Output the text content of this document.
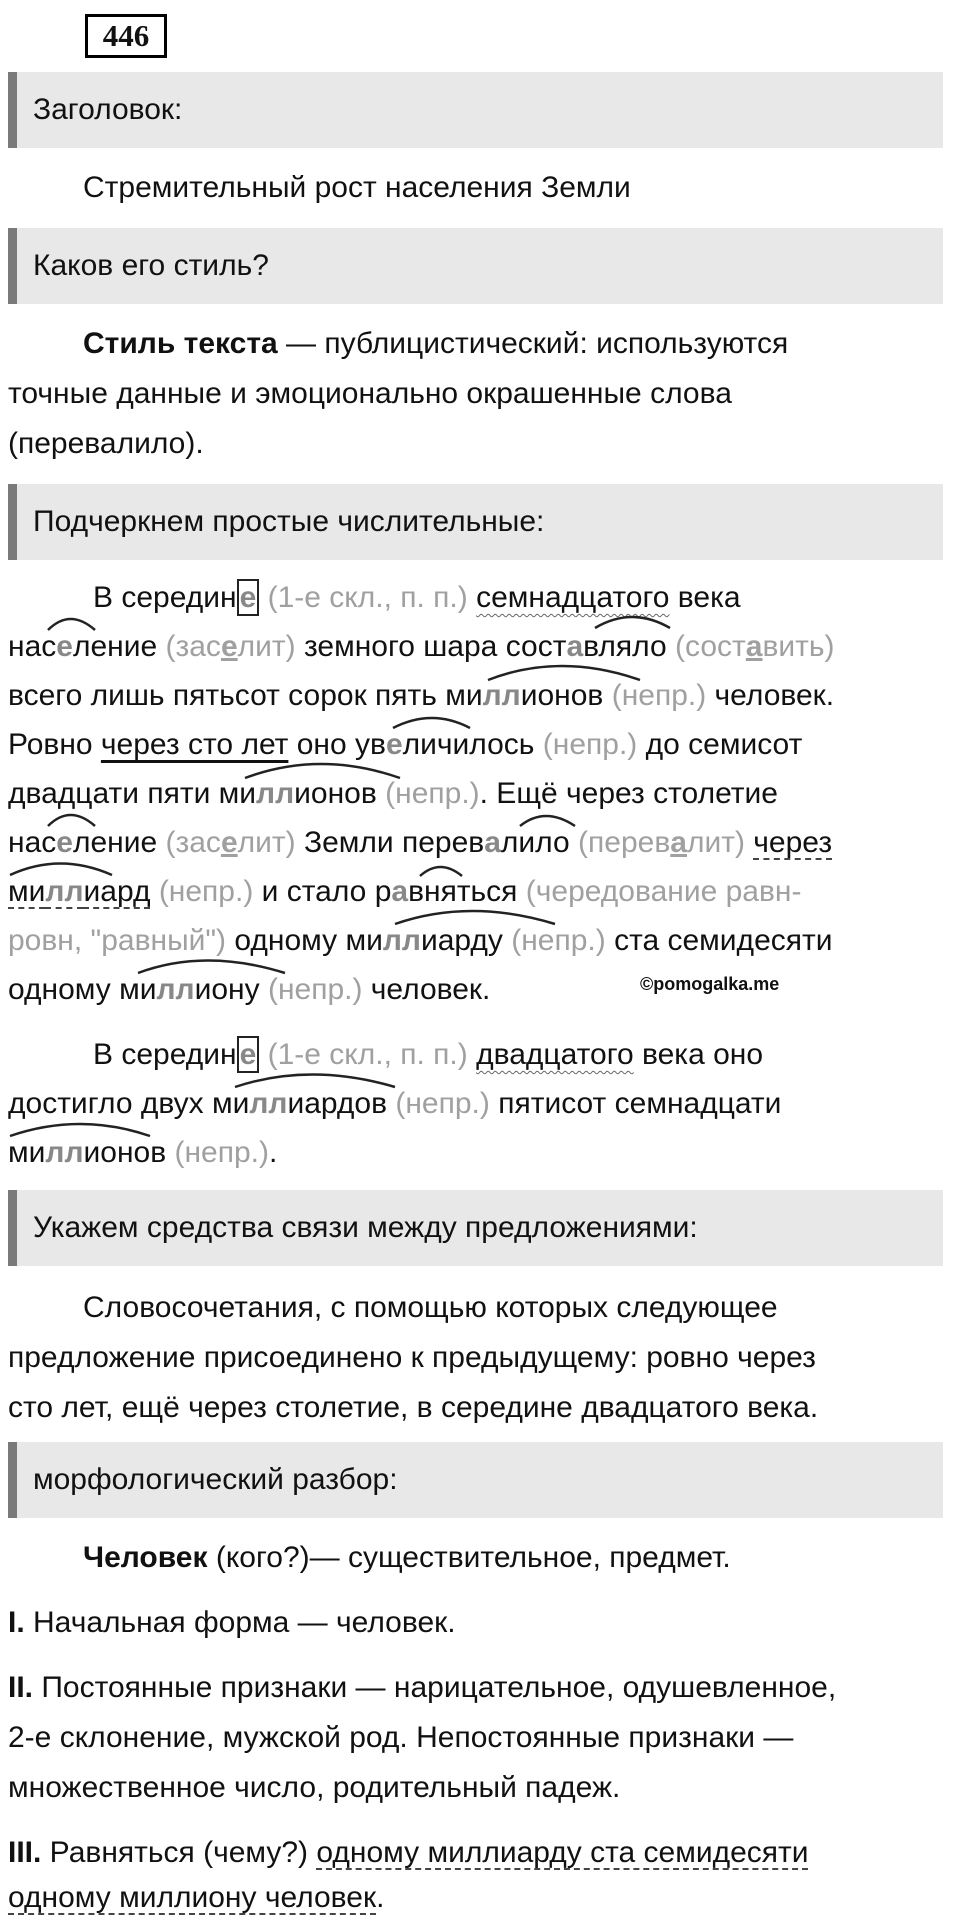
446
Заголовок:
Стремительный рост населения Земли
Каков его стиль?
Стиль текста — публицистический: используются
точные данные и эмоционально окрашенные слова
(перевалило).
Подчеркнем простые числительные:
В середин е (1-е скл., п. п.) семнадцатого века
население (заселит) земного шара составляло (составить)
всего лишь пятьсот сорок пять миллионов (непр.) человек.
Ровно через сто лет оно увеличилось (непр.) до семисот
двадцати пяти миллионов (непр.). Ещё через столетие
население (заселит) Земли перевалило (перевалит) через
миллиард (непр.) и стало равняться (чередование равн-
ровн, "равный") одному миллиарду (непр.) ста семидесяти
одному миллиону (непр.) человек.	©pomogalka.me
В середин е (1-е скл., п. п.) двадцатого века оно
достигло двух миллиардов (непр.) пятисот семнадцати
миллионов (непр.).
Укажем средства связи между предложениями:
Словосочетания, с помощью которых следующее
предложение присоединено к предыдущему: ровно через
сто лет, ещё через столетие, в середине двадцатого века.
морфологический разбор:
Человек (кого?)— существительное, предмет.
I. Начальная форма — человек.
II. Постоянные признаки — нарицательное, одушевленное,
2-е склонение, мужской род. Непостоянные признаки —
множественное число, родительный падеж.
III. Равняться (чему?) одному миллиарду ста семидесяти
одному миллиону человек.
